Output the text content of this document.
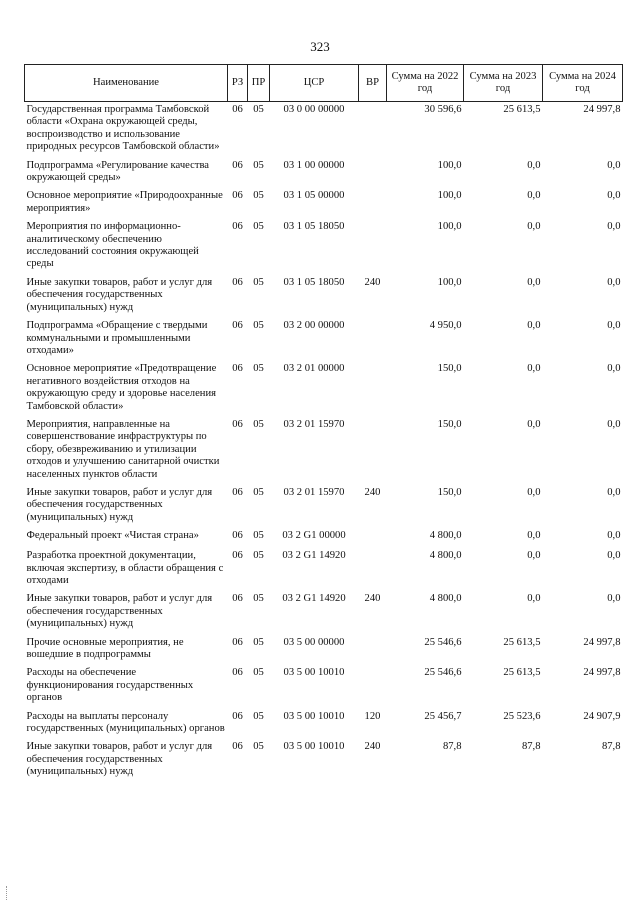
323
Наименование	РЗ	ПР	ЦСР	ВР	Сумма на 2022 год	Сумма на 2023 год	Сумма на 2024 год
Государственная программа Тамбовской области «Охрана окружающей среды, воспроизводство и использование природных ресурсов Тамбовской области»	06	05	03 0 00 00000		30 596,6	25 613,5	24 997,8
Подпрограмма «Регулирование качества окружающей среды»	06	05	03 1 00 00000		100,0	0,0	0,0
Основное мероприятие «Природоохранные мероприятия»	06	05	03 1 05 00000		100,0	0,0	0,0
Мероприятия по информационно-аналитическому обеспечению исследований состояния окружающей среды	06	05	03 1 05 18050		100,0	0,0	0,0
Иные закупки товаров, работ и услуг для обеспечения государственных (муниципальных) нужд	06	05	03 1 05 18050	240	100,0	0,0	0,0
Подпрограмма «Обращение с твердыми коммунальными и промышленными отходами»	06	05	03 2 00 00000		4 950,0	0,0	0,0
Основное мероприятие «Предотвращение негативного воздействия отходов на окружающую среду и здоровье населения Тамбовской области»	06	05	03 2 01 00000		150,0	0,0	0,0
Мероприятия, направленные на совершенствование инфраструктуры по сбору, обезвреживанию и утилизации отходов и улучшению санитарной очистки населенных пунктов области	06	05	03 2 01 15970		150,0	0,0	0,0
Иные закупки товаров, работ и услуг для обеспечения государственных (муниципальных) нужд	06	05	03 2 01 15970	240	150,0	0,0	0,0
Федеральный проект «Чистая страна»	06	05	03 2 G1 00000		4 800,0	0,0	0,0
Разработка проектной документации, включая экспертизу, в области обращения с отходами	06	05	03 2 G1 14920		4 800,0	0,0	0,0
Иные закупки товаров, работ и услуг для обеспечения государственных (муниципальных) нужд	06	05	03 2 G1 14920	240	4 800,0	0,0	0,0
Прочие основные мероприятия, не вошедшие в подпрограммы	06	05	03 5 00 00000		25 546,6	25 613,5	24 997,8
Расходы на обеспечение функционирования государственных органов	06	05	03 5 00 10010		25 546,6	25 613,5	24 997,8
Расходы на выплаты персоналу государственных (муниципальных) органов	06	05	03 5 00 10010	120	25 456,7	25 523,6	24 907,9
Иные закупки товаров, работ и услуг для обеспечения государственных (муниципальных) нужд	06	05	03 5 00 10010	240	87,8	87,8	87,8
